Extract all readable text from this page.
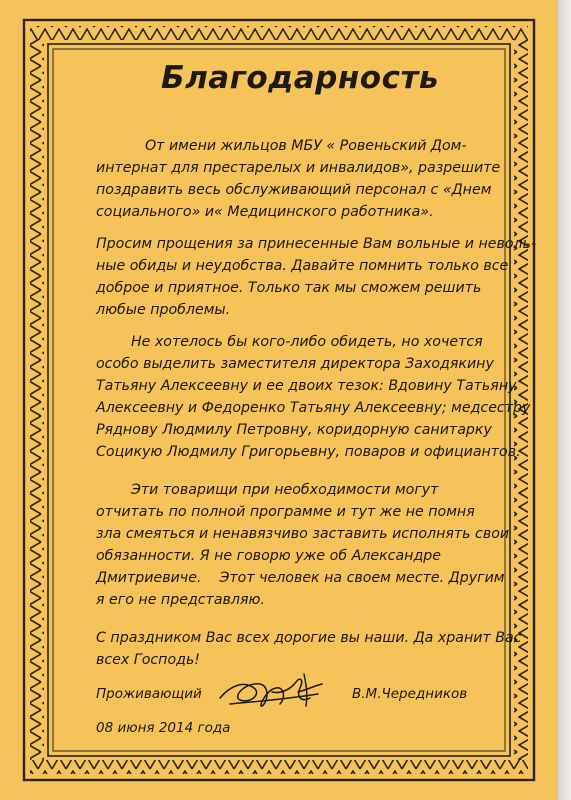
Благодарность
От имени жильцов МБУ « Ровеньский Дом-
интернат для престарелых и инвалидов», разрешите
поздравить весь обслуживающий персонал с «Днем
социального» и« Медицинского работника».
Просим прощения за принесенные Вам вольные и неволь-
ные обиды и неудобства. Давайте помнить только все
доброе и приятное. Только так мы сможем решить
любые проблемы.
Не хотелось бы кого-либо обидеть, но хочется
особо выделить заместителя директора Заходякину
Татьяну Алексеевну и ее двоих тезок: Вдовину Татьяну
Алексеевну и Федоренко Татьяну Алексеевну; медсестру
Ряднову Людмилу Петровну, коридорную санитарку
Социкую Людмилу Григорьевну, поваров и официантов.
Эти товарищи при необходимости могут
отчитать по полной программе и тут же не помня
зла смеяться и ненавязчиво заставить исполнять свои
обязанности. Я не говорю уже об Александре
Дмитриевиче.    Этот человек на своем месте. Другим
я его не представляю.
С праздником Вас всех дорогие вы наши. Да хранит Вас
всех Господь!
Проживающий	В.М.Чередников
08 июня 2014 года
